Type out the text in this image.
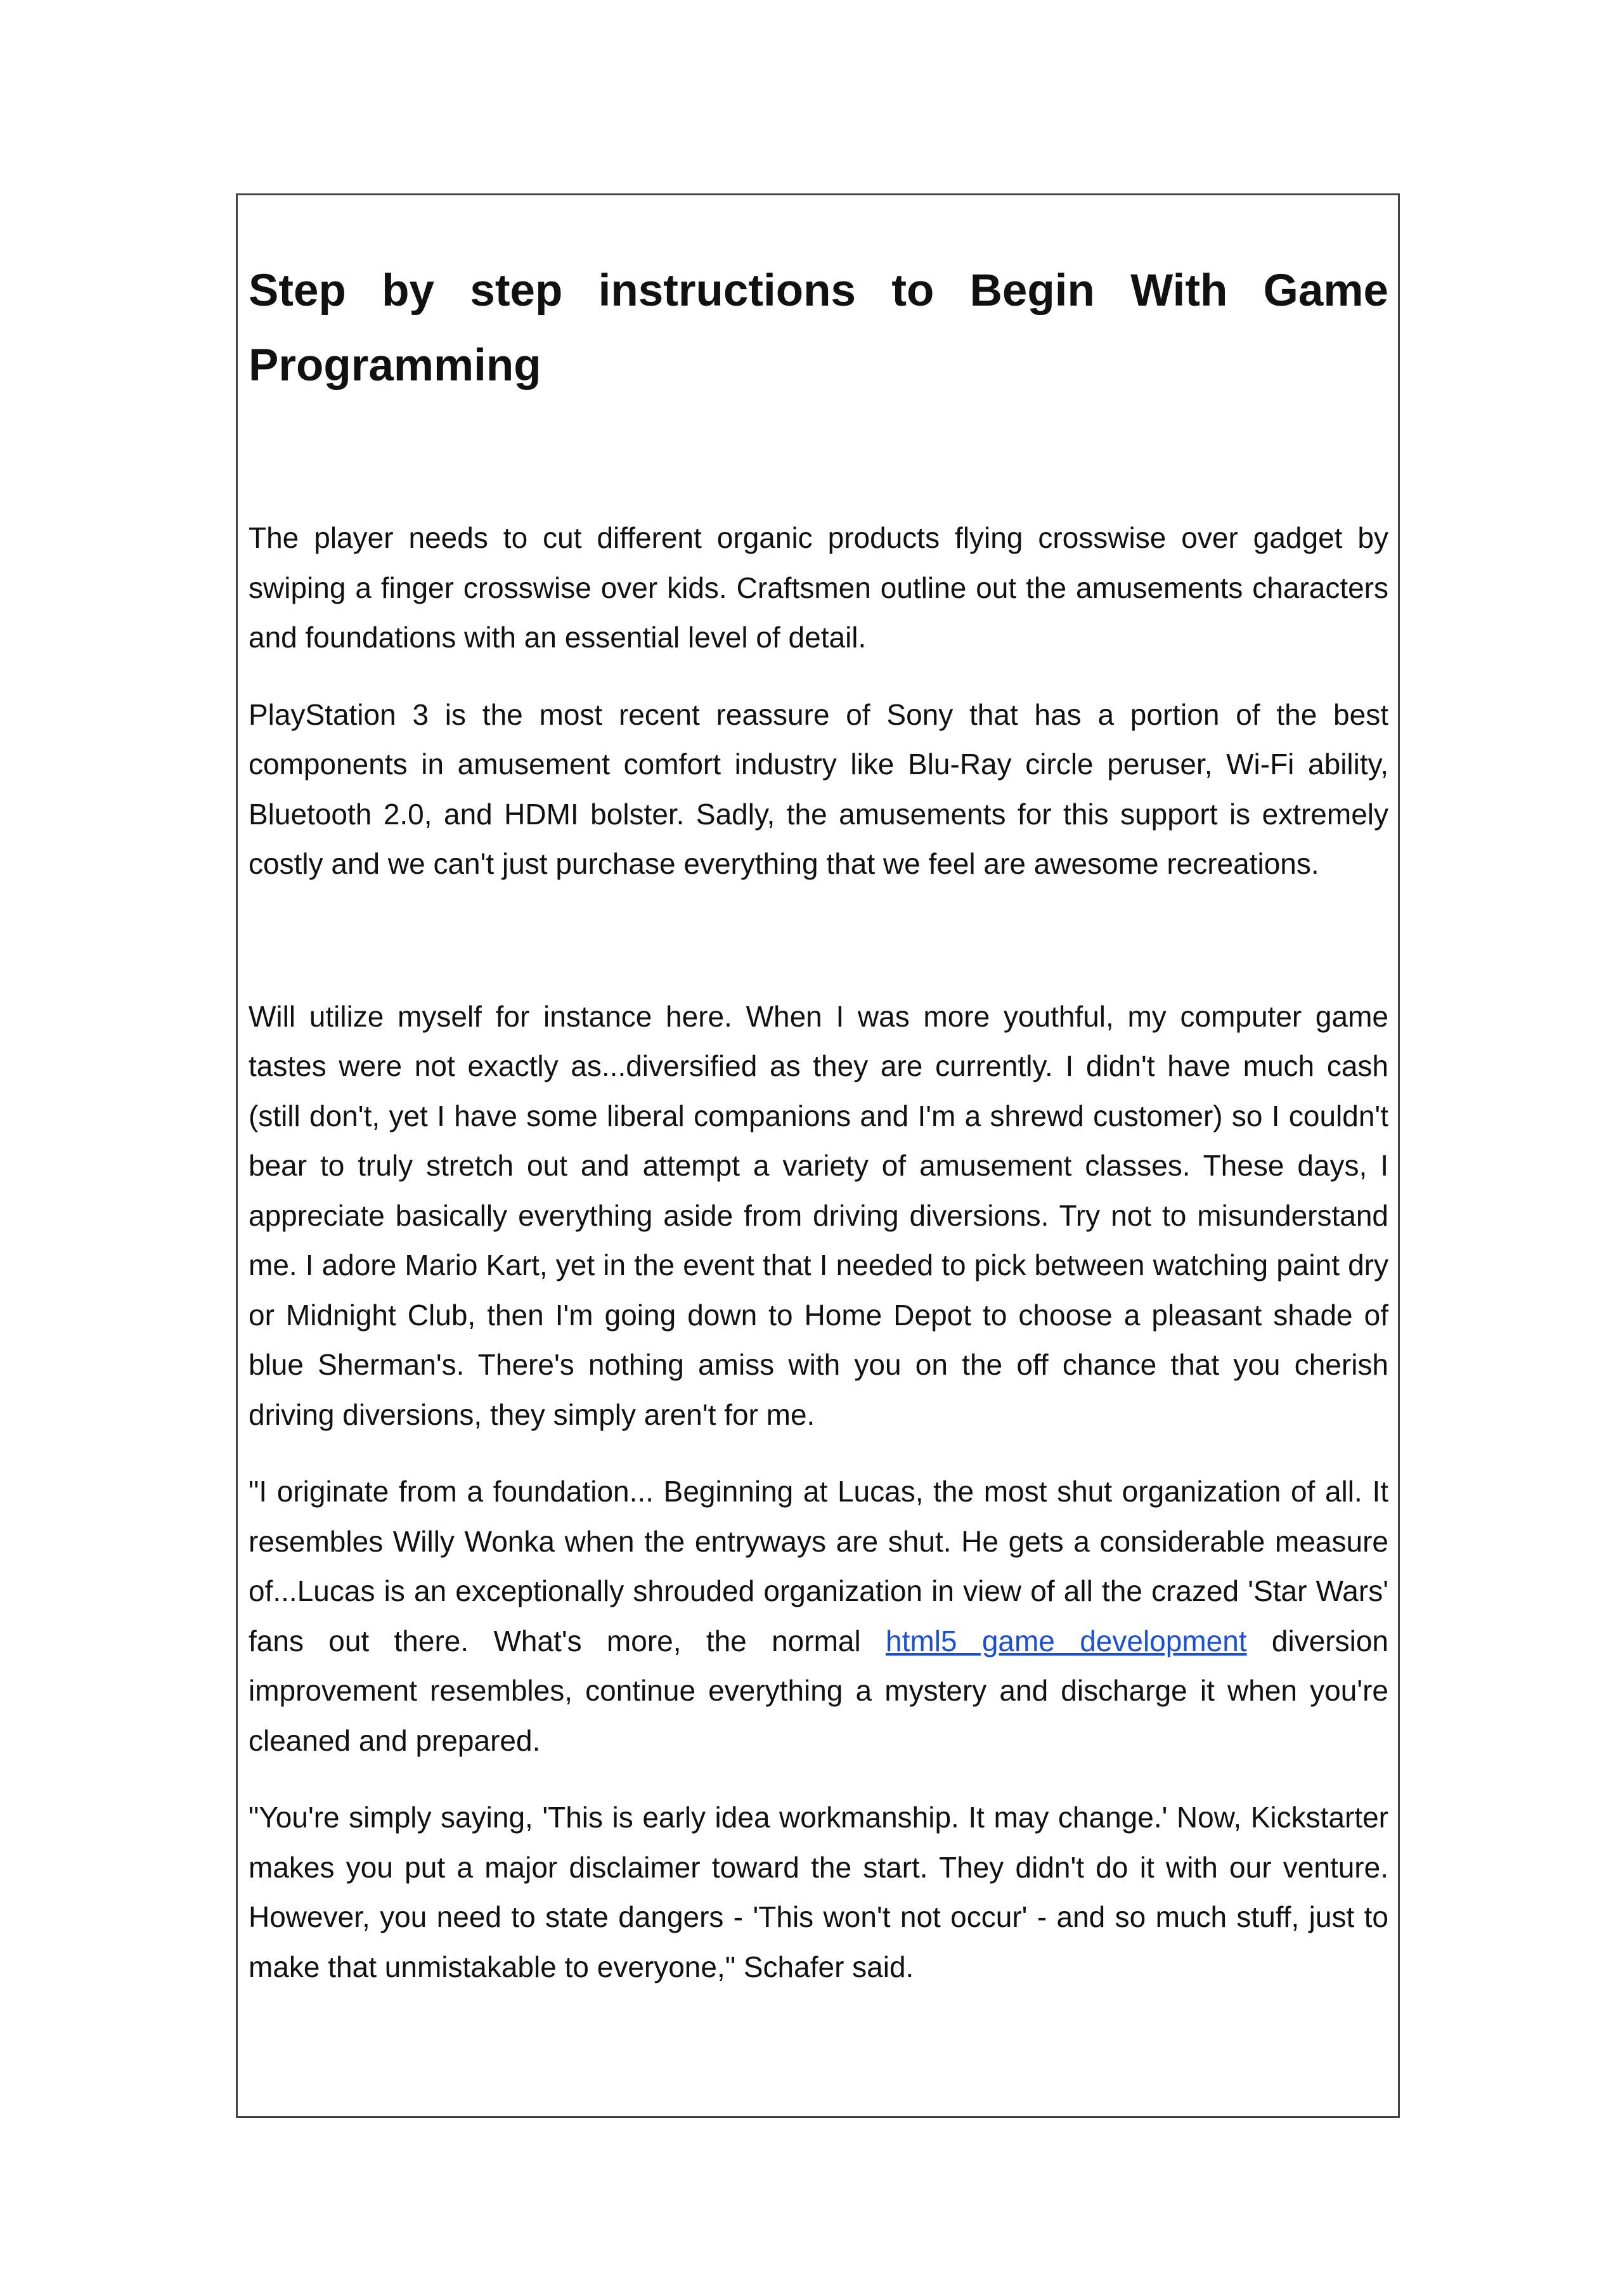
Step by step instructions to Begin With Game Programming

The player needs to cut different organic products flying crosswise over gadget by swiping a finger crosswise over kids. Craftsmen outline out the amusements characters and foundations with an essential level of detail.

PlayStation 3 is the most recent reassure of Sony that has a portion of the best components in amusement comfort industry like Blu-Ray circle peruser, Wi-Fi ability, Bluetooth 2.0, and HDMI bolster. Sadly, the amusements for this support is extremely costly and we can't just purchase everything that we feel are awesome recreations.

Will utilize myself for instance here. When I was more youthful, my computer game tastes were not exactly as...diversified as they are currently. I didn't have much cash (still don't, yet I have some liberal companions and I'm a shrewd customer) so I couldn't bear to truly stretch out and attempt a variety of amusement classes. These days, I appreciate basically everything aside from driving diversions. Try not to misunderstand me. I adore Mario Kart, yet in the event that I needed to pick between watching paint dry or Midnight Club, then I'm going down to Home Depot to choose a pleasant shade of blue Sherman's. There's nothing amiss with you on the off chance that you cherish driving diversions, they simply aren't for me.

"I originate from a foundation... Beginning at Lucas, the most shut organization of all. It resembles Willy Wonka when the entryways are shut. He gets a considerable measure of...Lucas is an exceptionally shrouded organization in view of all the crazed 'Star Wars' fans out there. What's more, the normal html5 game development diversion improvement resembles, continue everything a mystery and discharge it when you're cleaned and prepared.

"You're simply saying, 'This is early idea workmanship. It may change.' Now, Kickstarter makes you put a major disclaimer toward the start. They didn't do it with our venture. However, you need to state dangers - 'This won't not occur' - and so much stuff, just to make that unmistakable to everyone," Schafer said.
